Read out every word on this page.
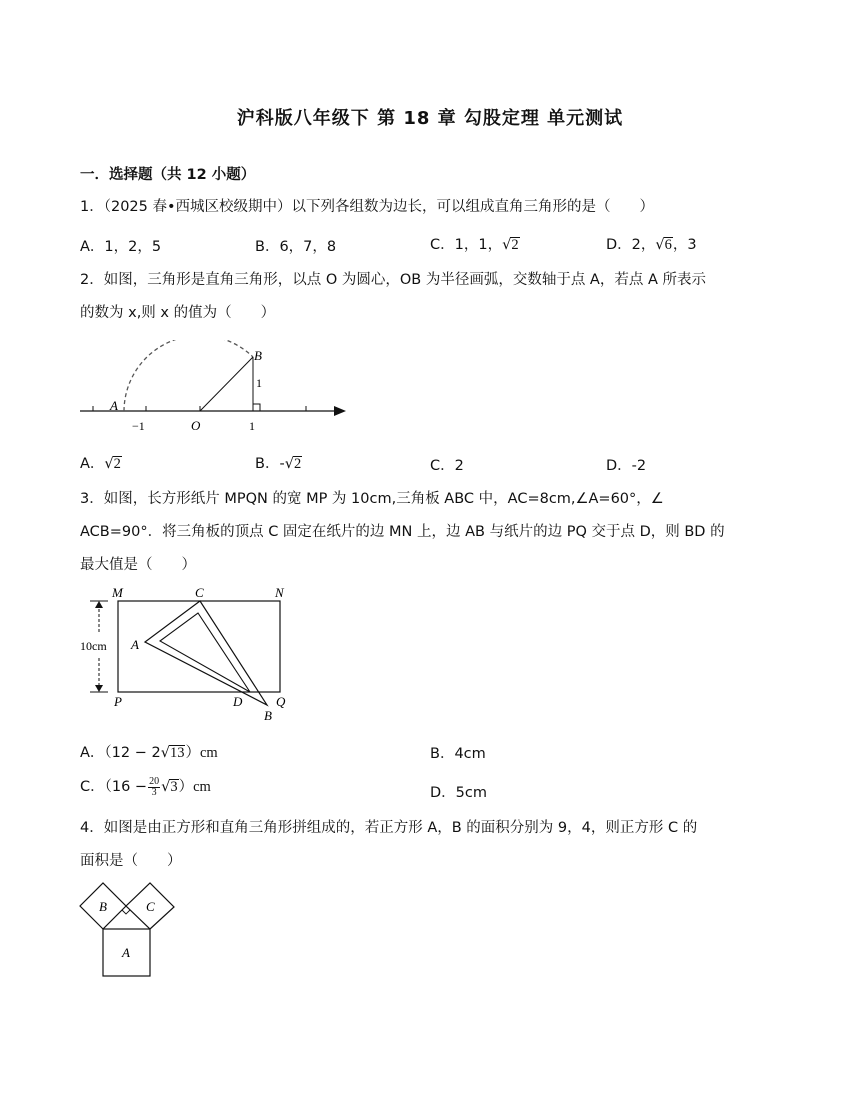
沪科版八年级下 第 18 章 勾股定理 单元测试
一．选择题（共 12 小题）
1．（2025 春•西城区校级期中）以下列各组数为边长，可以组成直角三角形的是（　　）
A．1，2，5	B．6，7，8	C．1，1，√2	D．2，√6，3
2．如图，三角形是直角三角形，以点 O 为圆心，OB 为半径画弧，交数轴于点 A，若点 A 所表示
的数为 x,则 x 的值为（　　）
B
A
1
−1	O	1
A．√2	B．-√2	C．2	D．-2
3．如图，长方形纸片 MPQN 的宽 MP 为 10cm,三角板 ABC 中，AC=8cm,∠A=60°，∠
ACB=90°．将三角板的顶点 C 固定在纸片的边 MN 上，边 AB 与纸片的边 PQ 交于点 D，则 BD 的
最大值是（　　）
M	C	N
A
10cm
P	D
B
Q
A．（12 − 2√13）cm	B．4cm
C．$(16 - \frac{20}{3} √3)cm$	D．5cm
4．如图是由正方形和直角三角形拼组成的，若正方形 A，B 的面积分别为 9，4，则正方形 C 的
面积是（　　）
B	C
A
